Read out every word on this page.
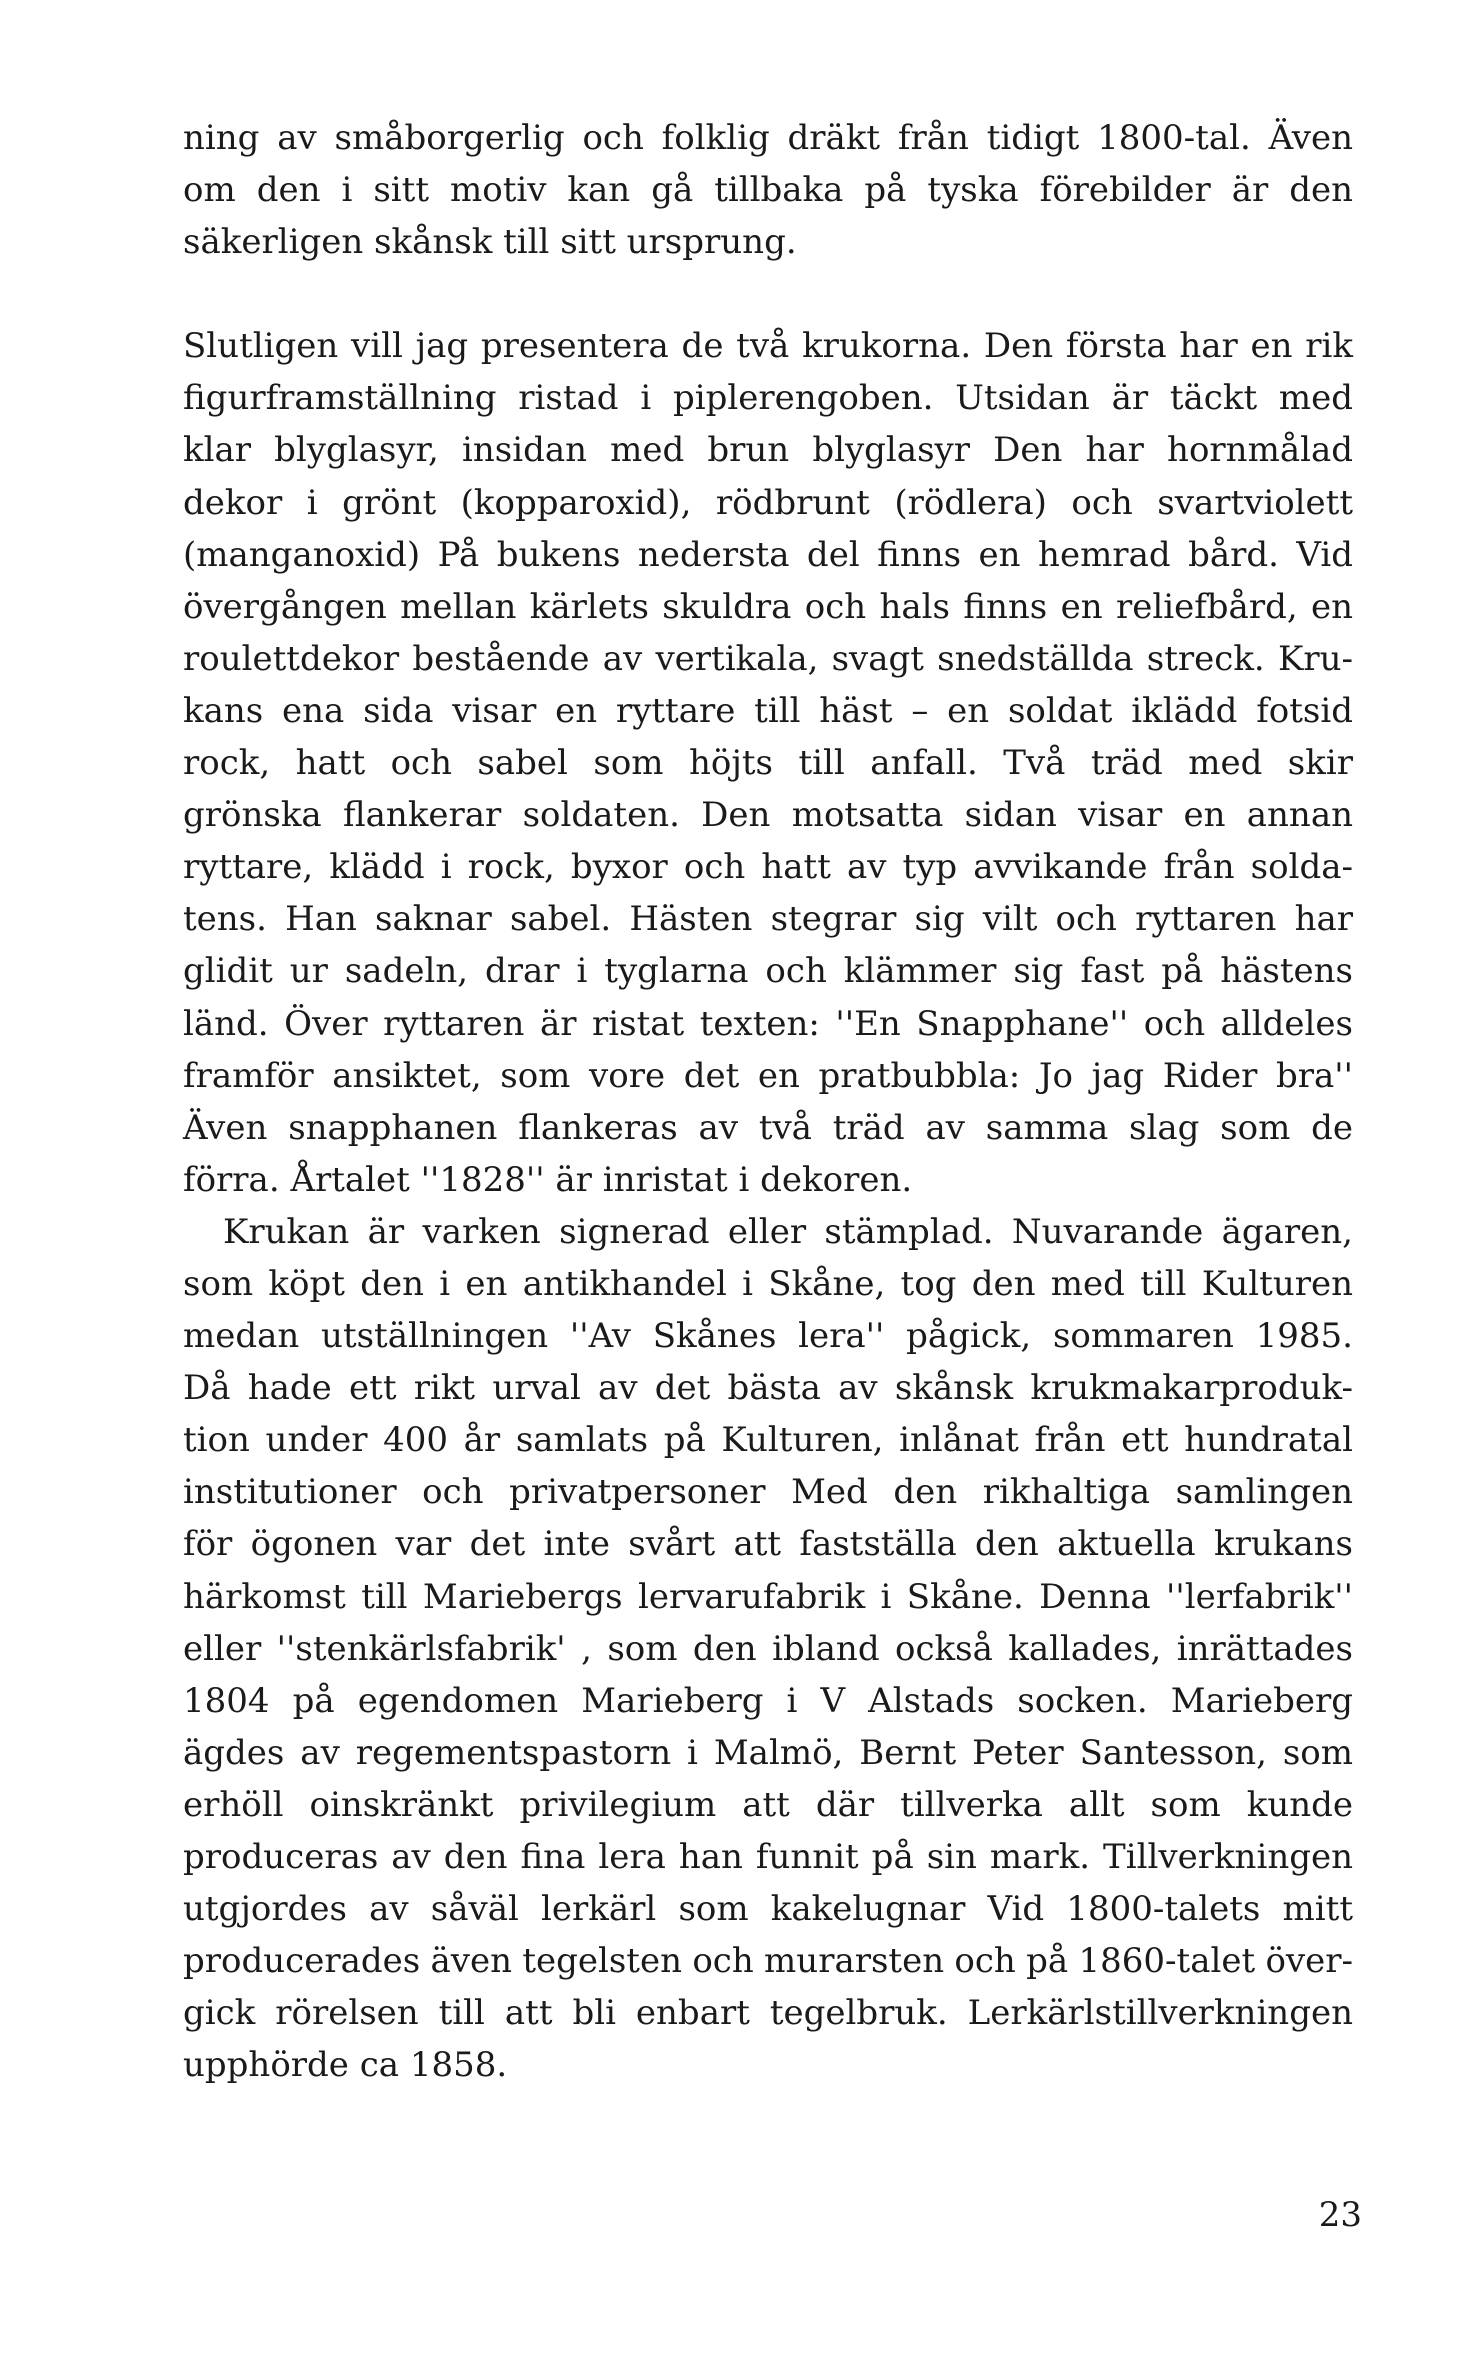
ning av småborgerlig och folklig dräkt från tidigt 1800-tal. Även
om den i sitt motiv kan gå tillbaka på tyska förebilder är den
säkerligen skånsk till sitt ursprung.
Slutligen vill jag presentera de två krukorna. Den första har en rik
figurframställning ristad i piplerengoben. Utsidan är täckt med
klar blyglasyr, insidan med brun blyglasyr Den har hornmålad
dekor i grönt (kopparoxid), rödbrunt (rödlera) och svartviolett
(manganoxid) På bukens nedersta del finns en hemrad bård. Vid
övergången mellan kärlets skuldra och hals finns en reliefbård, en
roulettdekor bestående av vertikala, svagt snedställda streck. Kru-
kans ena sida visar en ryttare till häst – en soldat iklädd fotsid
rock, hatt och sabel som höjts till anfall. Två träd med skir
grönska flankerar soldaten. Den motsatta sidan visar en annan
ryttare, klädd i rock, byxor och hatt av typ avvikande från solda-
tens. Han saknar sabel. Hästen stegrar sig vilt och ryttaren har
glidit ur sadeln, drar i tyglarna och klämmer sig fast på hästens
länd. Över ryttaren är ristat texten: ''En Snapphane'' och alldeles
framför ansiktet, som vore det en pratbubbla: Jo jag Rider bra''
Även snapphanen flankeras av två träd av samma slag som de
förra. Årtalet ''1828'' är inristat i dekoren.
Krukan är varken signerad eller stämplad. Nuvarande ägaren,
som köpt den i en antikhandel i Skåne, tog den med till Kulturen
medan utställningen ''Av Skånes lera'' pågick, sommaren 1985.
Då hade ett rikt urval av det bästa av skånsk krukmakarproduk-
tion under 400 år samlats på Kulturen, inlånat från ett hundratal
institutioner och privatpersoner Med den rikhaltiga samlingen
för ögonen var det inte svårt att fastställa den aktuella krukans
härkomst till Mariebergs lervarufabrik i Skåne. Denna ''lerfabrik''
eller ''stenkärlsfabrik' , som den ibland också kallades, inrättades
1804 på egendomen Marieberg i V Alstads socken. Marieberg
ägdes av regementspastorn i Malmö, Bernt Peter Santesson, som
erhöll oinskränkt privilegium att där tillverka allt som kunde
produceras av den fina lera han funnit på sin mark. Tillverkningen
utgjordes av såväl lerkärl som kakelugnar Vid 1800-talets mitt
producerades även tegelsten och murarsten och på 1860-talet över-
gick rörelsen till att bli enbart tegelbruk. Lerkärlstillverkningen
upphörde ca 1858.
23
